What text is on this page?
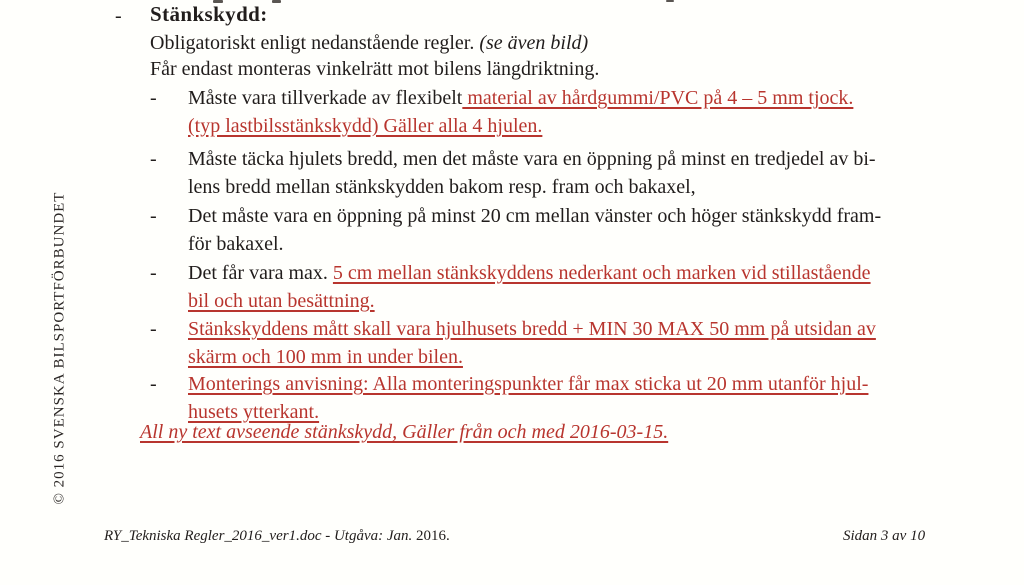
© 2016 SVENSKA BILSPORTFÖRBUNDET
- Stänkskydd:
Obligatoriskt enligt nedanstående regler. (se även bild)
Får endast monteras vinkelrätt mot bilens längdriktning.
- Måste vara tillverkade av flexibelt material av hårdgummi/PVC på 4 – 5 mm tjock.
(typ lastbilsstänkskydd) Gäller alla 4 hjulen.
- Måste täcka hjulets bredd, men det måste vara en öppning på minst en tredjedel av bi-
lens bredd mellan stänkskydden bakom resp. fram och bakaxel,
- Det måste vara en öppning på minst 20 cm mellan vänster och höger stänkskydd fram-
för bakaxel.
- Det får vara max. 5 cm mellan stänkskyddens nederkant och marken vid stillastående
bil och utan besättning.
- Stänkskyddens mått skall vara hjulhusets bredd + MIN 30 MAX 50 mm på utsidan av
skärm och 100 mm in under bilen.
- Monterings anvisning: Alla monteringspunkter får max sticka ut 20 mm utanför hjul-
husets ytterkant.
All ny text avseende stänkskydd, Gäller från och med 2016-03-15.
RY_Tekniska Regler_2016_ver1.doc - Utgåva: Jan. 2016.	Sidan 3 av 10
